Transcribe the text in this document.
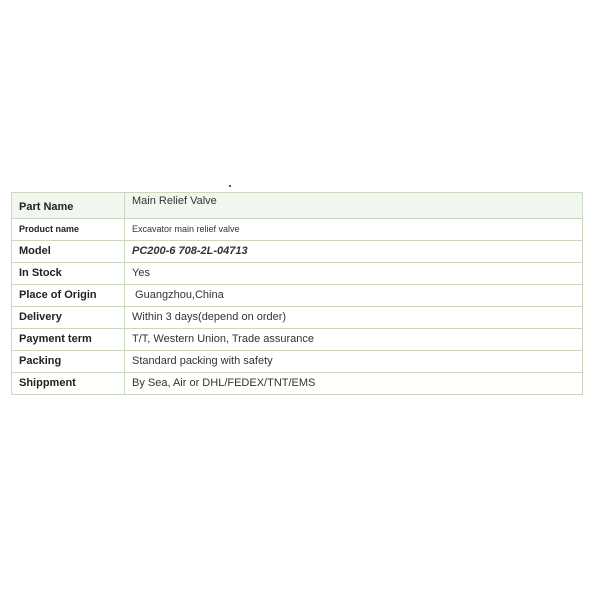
Part Name	Main Relief Valve
Product name	Excavator main relief valve
Model	PC200-6 708-2L-04713
In Stock	Yes
Place of Origin	Guangzhou,China
Delivery	Within 3 days(depend on order)
Payment term	T/T, Western Union, Trade assurance
Packing	Standard packing with safety
Shippment	By Sea, Air or DHL/FEDEX/TNT/EMS
